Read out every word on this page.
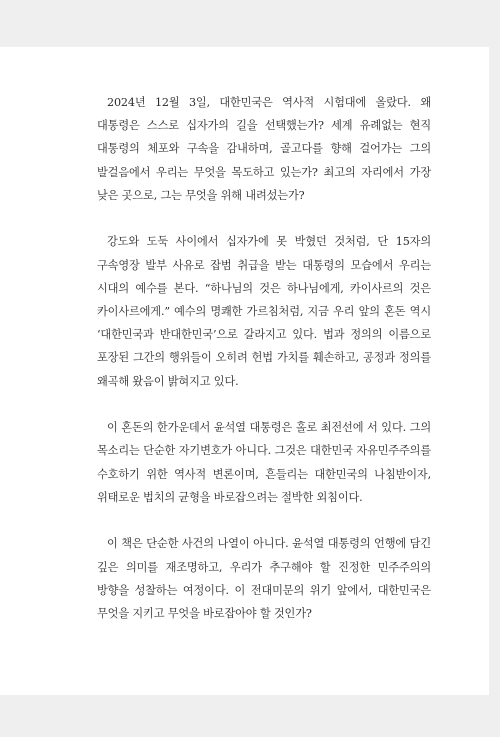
2024년 12월 3일, 대한민국은 역사적 시험대에 올랐다. 왜 대통령은 스스로 십자가의 길을 선택했는가? 세계 유례없는 현직 대통령의 체포와 구속을 감내하며, 골고다를 향해 걸어가는 그의 발걸음에서 우리는 무엇을 목도하고 있는가? 최고의 자리에서 가장 낮은 곳으로, 그는 무엇을 위해 내려섰는가?

강도와 도둑 사이에서 십자가에 못 박혔던 것처럼, 단 15자의 구속영장 발부 사유로 잡범 취급을 받는 대통령의 모습에서 우리는 시대의 예수를 본다. “하나님의 것은 하나님에게, 카이사르의 것은 카이사르에게.” 예수의 명쾌한 가르침처럼, 지금 우리 앞의 혼돈 역시 ‘대한민국과 반대한민국’으로 갈라지고 있다. 법과 정의의 이름으로 포장된 그간의 행위들이 오히려 헌법 가치를 훼손하고, 공정과 정의를 왜곡해 왔음이 밝혀지고 있다.

이 혼돈의 한가운데서 윤석열 대통령은 홀로 최전선에 서 있다. 그의 목소리는 단순한 자기변호가 아니다. 그것은 대한민국 자유민주주의를 수호하기 위한 역사적 변론이며, 흔들리는 대한민국의 나침반이자, 위태로운 법치의 균형을 바로잡으려는 절박한 외침이다.

이 책은 단순한 사건의 나열이 아니다. 윤석열 대통령의 언행에 담긴 깊은 의미를 재조명하고, 우리가 추구해야 할 진정한 민주주의의 방향을 성찰하는 여정이다. 이 전대미문의 위기 앞에서, 대한민국은 무엇을 지키고 무엇을 바로잡아야 할 것인가?
